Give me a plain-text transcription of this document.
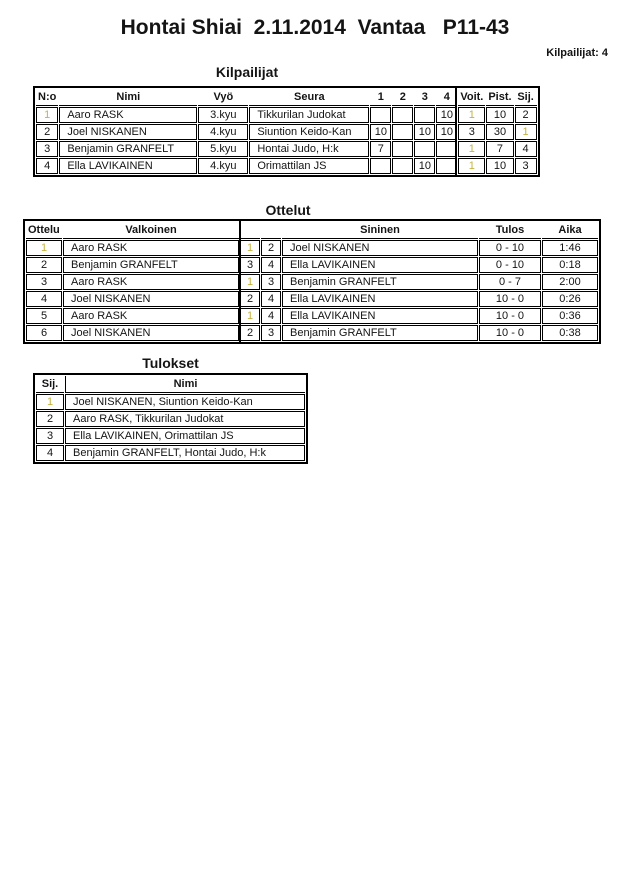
Hontai Shiai  2.11.2014  Vantaa   P11-43
Kilpailijat: 4
Kilpailijat
N:o	Nimi	Vyö	Seura	1	2	3	4	Voit.	Pist.	Sij.
1	Aaro RASK	3.kyu	Tikkurilan Judokat				10	1	10	2
2	Joel NISKANEN	4.kyu	Siuntion Keido-Kan	10		10	10	3	30	1
3	Benjamin GRANFELT	5.kyu	Hontai Judo, H:k	7				1	7	4
4	Ella LAVIKAINEN	4.kyu	Orimattilan JS			10		1	10	3
Ottelut
Ottelu	Valkoinen			Sininen	Tulos	Aika
1	Aaro RASK	1	2	Joel NISKANEN	0 - 10	1:46
2	Benjamin GRANFELT	3	4	Ella LAVIKAINEN	0 - 10	0:18
3	Aaro RASK	1	3	Benjamin GRANFELT	0 - 7	2:00
4	Joel NISKANEN	2	4	Ella LAVIKAINEN	10 - 0	0:26
5	Aaro RASK	1	4	Ella LAVIKAINEN	10 - 0	0:36
6	Joel NISKANEN	2	3	Benjamin GRANFELT	10 - 0	0:38
Tulokset
Sij.	Nimi
1	Joel NISKANEN, Siuntion Keido-Kan
2	Aaro RASK, Tikkurilan Judokat
3	Ella LAVIKAINEN, Orimattilan JS
4	Benjamin GRANFELT, Hontai Judo, H:k
